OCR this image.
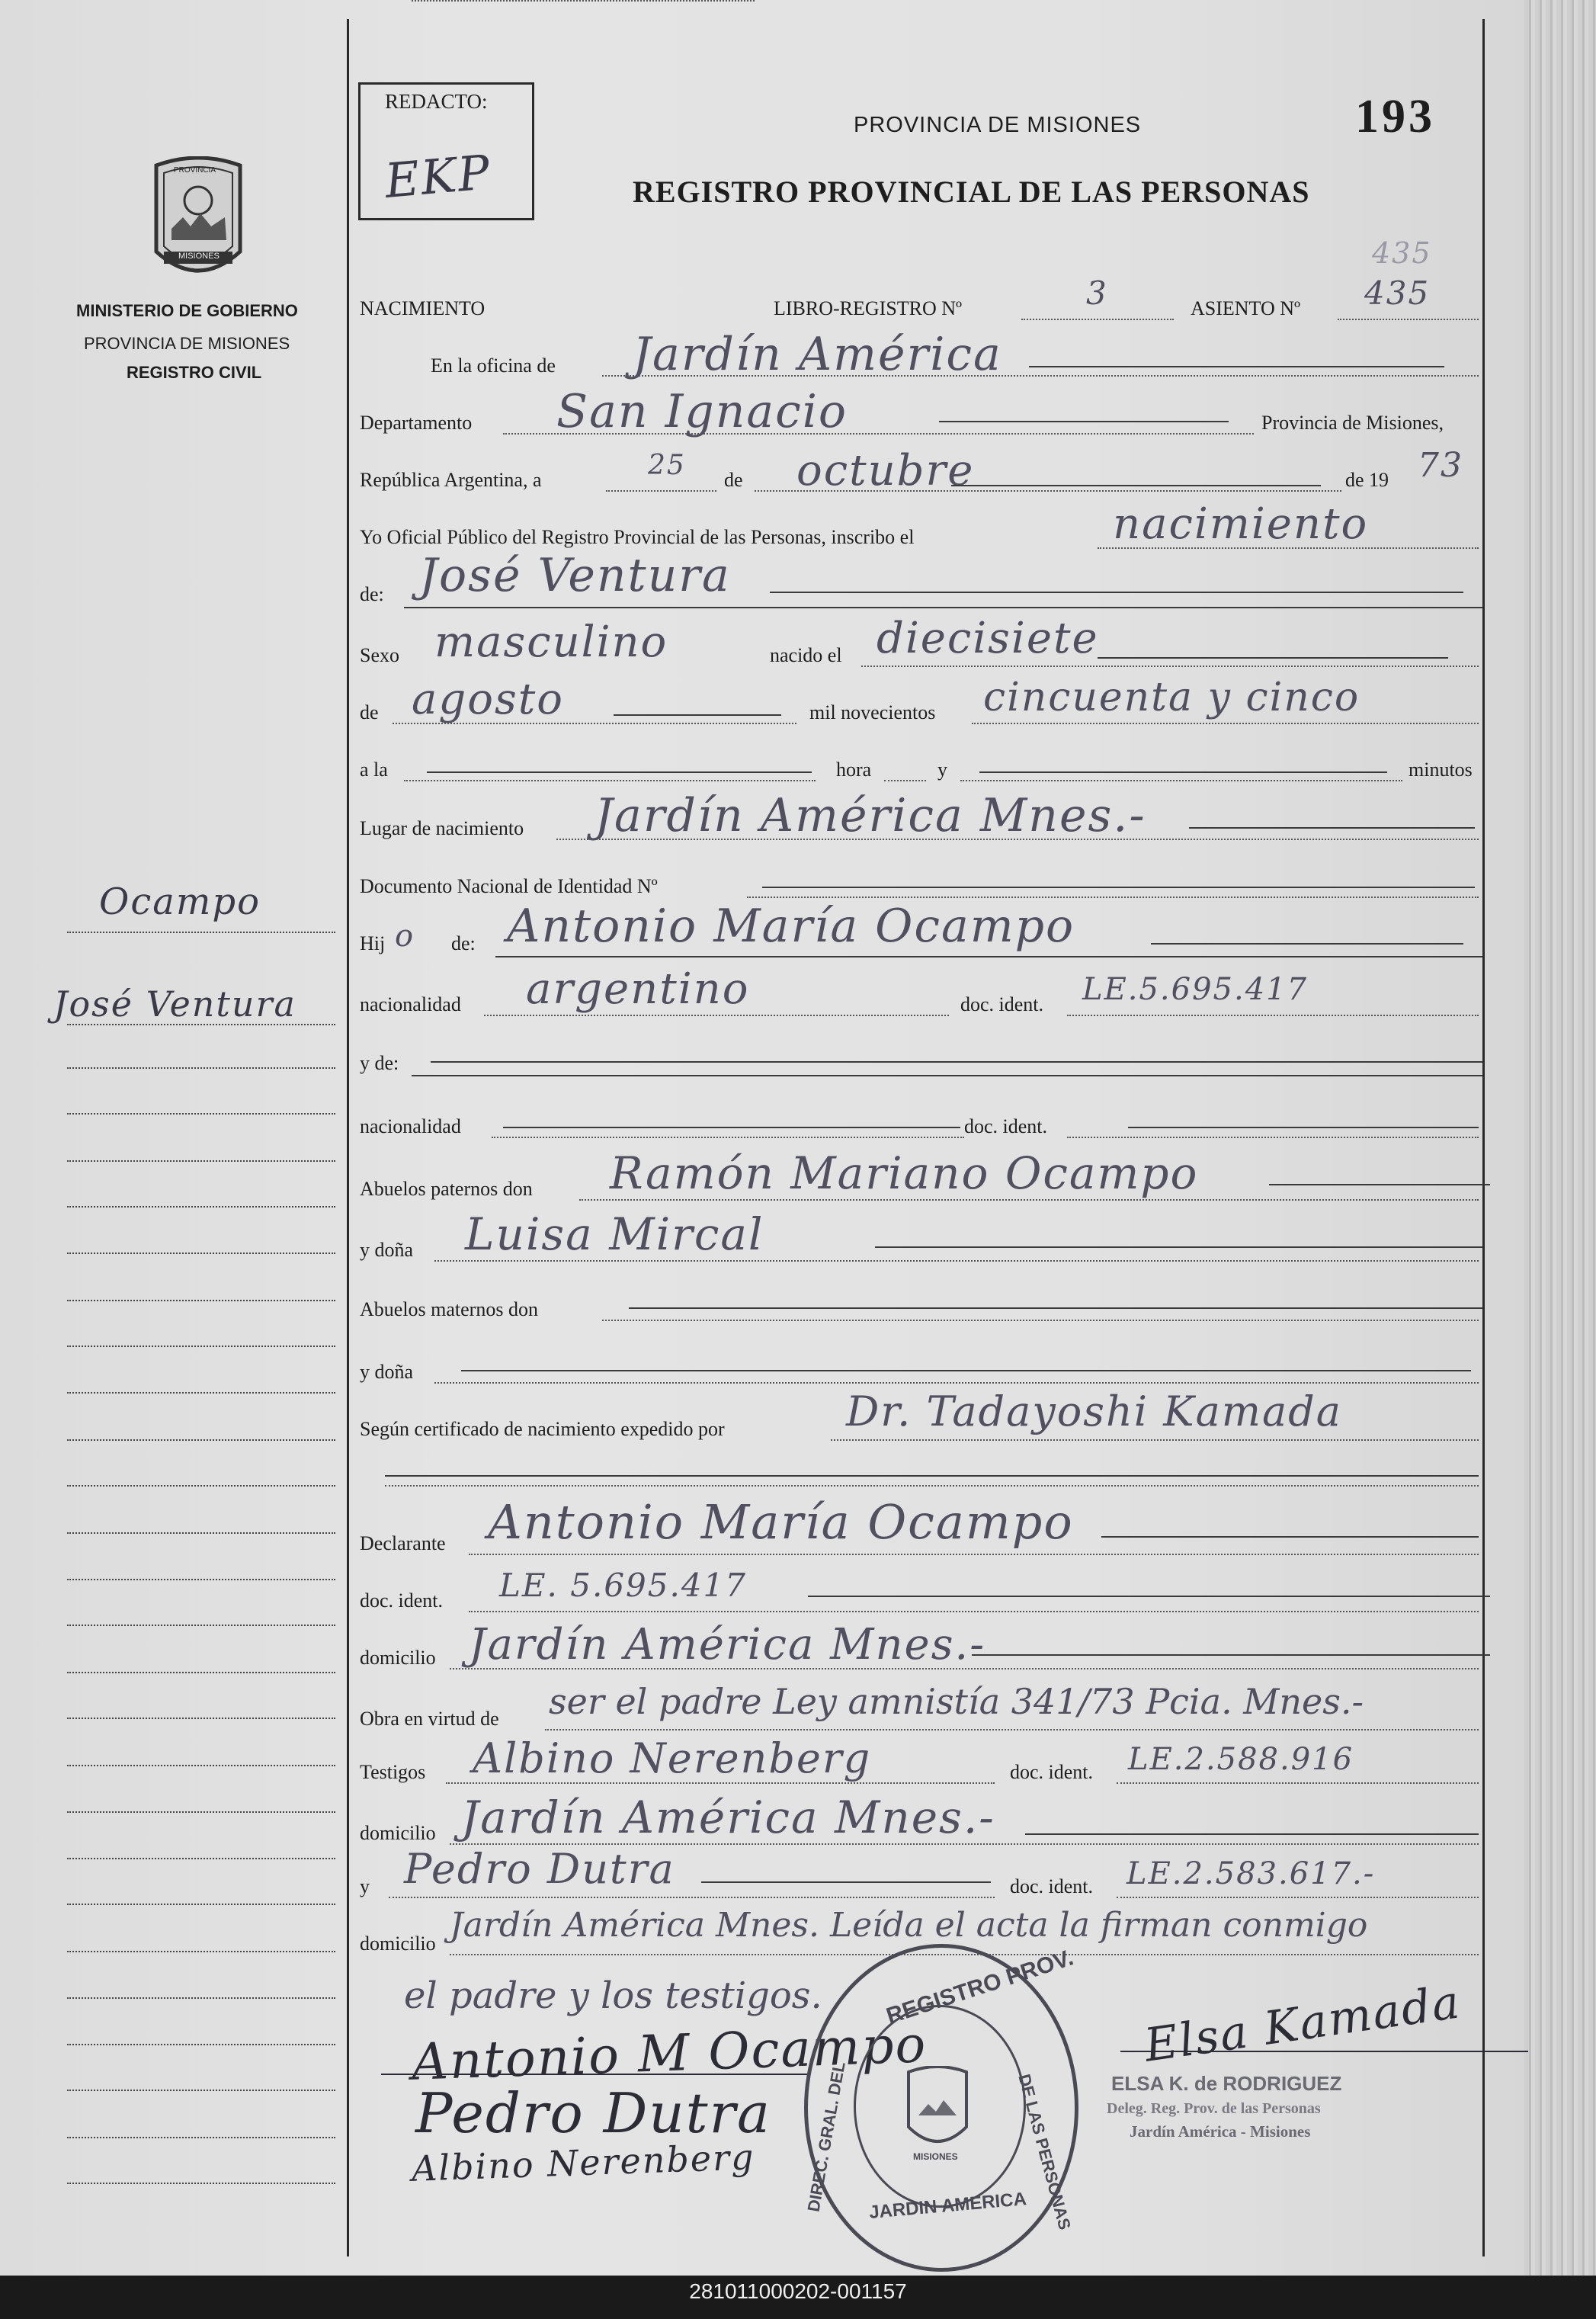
REDACTO:
EKP
PROVINCIA DE MISIONES	193
REGISTRO PROVINCIAL DE LAS PERSONAS
435
PROVINCIA
MISIONES
MINISTERIO DE GOBIERNO
PROVINCIA DE MISIONES
REGISTRO CIVIL
Ocampo
José Ventura
NACIMIENTO	LIBRO-REGISTRO Nº	3	ASIENTO Nº 435
En la oficina de Jardín América
Departamento San Ignacio	Provincia de Misiones,
República Argentina, a	25 de octubre	de 19 73
Yo Oficial Público del Registro Provincial de las Personas, inscribo el	nacimiento
de: José Ventura
Sexo masculino	nacido el diecisiete
de agosto	mil novecientos cincuenta y cinco
a la	hora	y	minutos
Lugar de nacimiento Jardín América Mnes.-
Documento Nacional de Identidad Nº
Hij o de: Antonio María Ocampo
nacionalidad argentino	doc. ident. LE.5.695.417
y de:
nacionalidad	doc. ident.
Abuelos paternos don Ramón Mariano Ocampo
y doña Luisa Mircal
Abuelos maternos don
y doña
Según certificado de nacimiento expedido por	Dr. Tadayoshi Kamada
Declarante Antonio María Ocampo
doc. ident. LE. 5.695.417
domicilio Jardín América Mnes.-
Obra en virtud de ser el padre Ley amnistía 341/73 Pcia. Mnes.-
Testigos Albino Nerenberg	doc. ident. LE.2.588.916
domicilio Jardín América Mnes.-
y Pedro Dutra	doc. ident. LE.2.583.617.-
domicilio Jardín América Mnes. Leída el acta la firman conmigo
el padre y los testigos.
Antonio M Ocampo
Pedro Dutra
Albino Nerenberg
Elsa Kamada
ELSA K. de RODRIGUEZ
Deleg. Reg. Prov. de las Personas
Jardín América - Misiones
REGISTRO PROV.
DIREC. GRAL. DEL	DE LAS PERSONAS
JARDIN AMERICA
MISIONES
281011000202-001157
